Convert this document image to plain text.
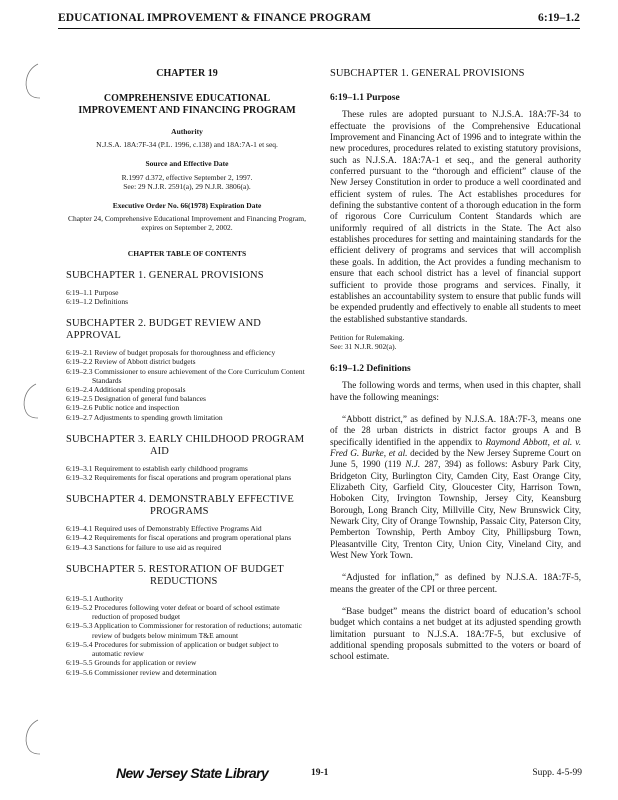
EDUCATIONAL IMPROVEMENT & FINANCE PROGRAM	6:19–1.2
CHAPTER 19
COMPREHENSIVE EDUCATIONAL IMPROVEMENT AND FINANCING PROGRAM
Authority
N.J.S.A. 18A:7F-34 (P.L. 1996, c.138) and 18A:7A-1 et seq.
Source and Effective Date
R.1997 d.372, effective September 2, 1997.
See: 29 N.J.R. 2591(a), 29 N.J.R. 3806(a).
Executive Order No. 66(1978) Expiration Date
Chapter 24, Comprehensive Educational Improvement and Financing Program, expires on September 2, 2002.
CHAPTER TABLE OF CONTENTS
SUBCHAPTER 1. GENERAL PROVISIONS

6:19–1.1 Purpose

6:19–1.2 Definitions

SUBCHAPTER 2. BUDGET REVIEW AND APPROVAL

6:19–2.1 Review of budget proposals for thoroughness and efficiency

6:19–2.2 Review of Abbott district budgets

6:19–2.3 Commissioner to ensure achievement of the Core Curriculum Content Standards

6:19–2.4 Additional spending proposals

6:19–2.5 Designation of general fund balances

6:19–2.6 Public notice and inspection

6:19–2.7 Adjustments to spending growth limitation

SUBCHAPTER 3. EARLY CHILDHOOD PROGRAM AID

6:19–3.1 Requirement to establish early childhood programs

6:19–3.2 Requirements for fiscal operations and program operational plans

SUBCHAPTER 4. DEMONSTRABLY EFFECTIVE PROGRAMS

6:19–4.1 Required uses of Demonstrably Effective Programs Aid

6:19–4.2 Requirements for fiscal operations and program operational plans

6:19–4.3 Sanctions for failure to use aid as required

SUBCHAPTER 5. RESTORATION OF BUDGET REDUCTIONS

6:19–5.1 Authority

6:19–5.2 Procedures following voter defeat or board of school estimate reduction of proposed budget

6:19–5.3 Application to Commissioner for restoration of reductions; automatic review of budgets below minimum T&E amount

6:19–5.4 Procedures for submission of application or budget subject to automatic review

6:19–5.5 Grounds for application or review

6:19–5.6 Commissioner review and determination

SUBCHAPTER 1. GENERAL PROVISIONS
6:19–1.1 Purpose

These rules are adopted pursuant to N.J.S.A. 18A:7F-34 to effectuate the provisions of the Comprehensive Educational Improvement and Financing Act of 1996 and to integrate within the new procedures, procedures related to existing statutory provisions, such as N.J.S.A. 18A:7A-1 et seq., and the general authority conferred pursuant to the “thorough and efficient” clause of the New Jersey Constitution in order to produce a well coordinated and efficient system of rules. The Act establishes procedures for defining the substantive content of a thorough education in the form of rigorous Core Curriculum Content Standards which are uniformly required of all districts in the State. The Act also establishes procedures for setting and maintaining standards for the efficient delivery of programs and services that will accomplish these goals. In addition, the Act provides a funding mechanism to ensure that each school district has a level of financial support sufficient to provide those programs and services. Finally, it establishes an accountability system to ensure that public funds will be expended prudently and effectively to enable all students to meet the established substantive standards.

Petition for Rulemaking.
See: 31 N.J.R. 902(a).
6:19–1.2 Definitions

The following words and terms, when used in this chapter, shall have the following meanings:

“Abbott district,” as defined by N.J.S.A. 18A:7F-3, means one of the 28 urban districts in district factor groups A and B specifically identified in the appendix to Raymond Abbott, et al. v. Fred G. Burke, et al. decided by the New Jersey Supreme Court on June 5, 1990 (119 N.J. 287, 394) as follows: Asbury Park City, Bridgeton City, Burlington City, Camden City, East Orange City, Elizabeth City, Garfield City, Gloucester City, Harrison Town, Hoboken City, Irvington Township, Jersey City, Keansburg Borough, Long Branch City, Millville City, New Brunswick City, Newark City, City of Orange Township, Passaic City, Paterson City, Pemberton Township, Perth Amboy City, Phillipsburg Town, Pleasantville City, Trenton City, Union City, Vineland City, and West New York Town.

“Adjusted for inflation,” as defined by N.J.S.A. 18A:7F-5, means the greater of the CPI or three percent.

“Base budget” means the district board of education’s school budget which contains a net budget at its adjusted spending growth limitation pursuant to N.J.S.A. 18A:7F-5, but exclusive of additional spending proposals submitted to the voters or board of school estimate.

New Jersey State Library	19-1	Supp. 4-5-99
